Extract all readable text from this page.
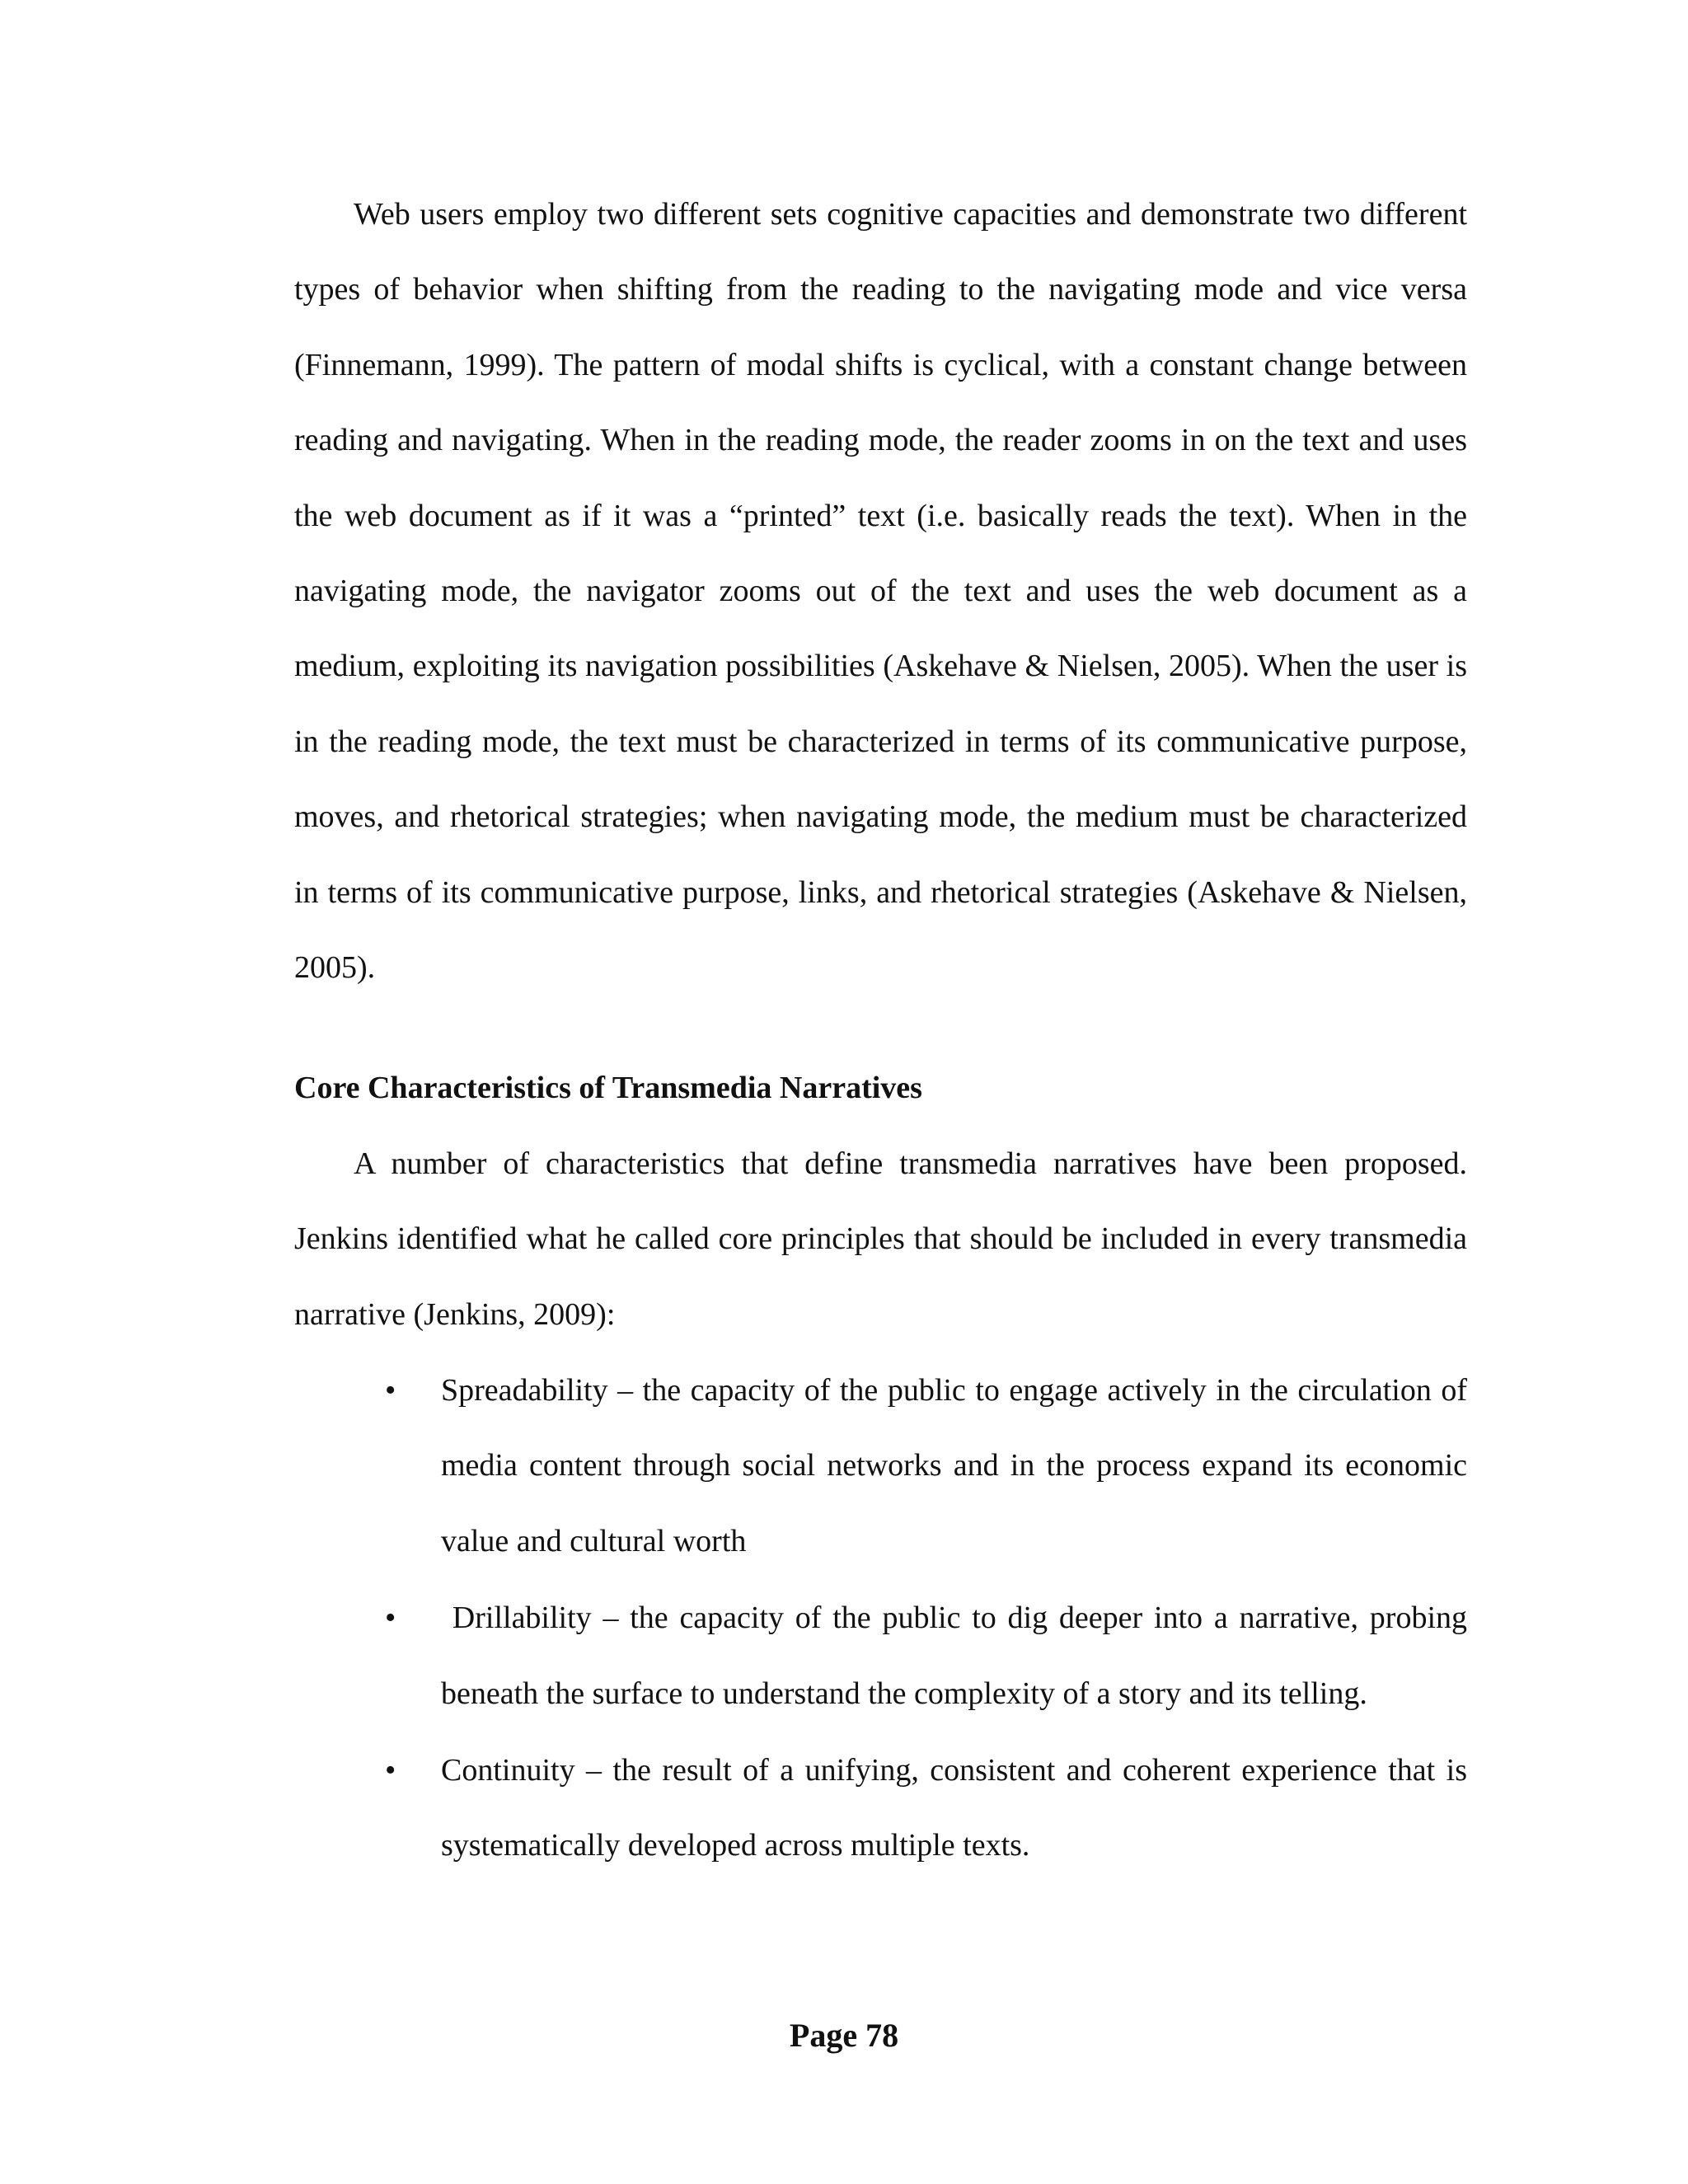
Web users employ two different sets cognitive capacities and demonstrate two different types of behavior when shifting from the reading to the navigating mode and vice versa (Finnemann, 1999). The pattern of modal shifts is cyclical, with a constant change between reading and navigating. When in the reading mode, the reader zooms in on the text and uses the web document as if it was a “printed” text (i.e. basically reads the text). When in the navigating mode, the navigator zooms out of the text and uses the web document as a medium, exploiting its navigation possibilities (Askehave & Nielsen, 2005). When the user is in the reading mode, the text must be characterized in terms of its communicative purpose, moves, and rhetorical strategies; when navigating mode, the medium must be characterized in terms of its communicative purpose, links, and rhetorical strategies (Askehave & Nielsen, 2005).

Core Characteristics of Transmedia Narratives

A number of characteristics that define transmedia narratives have been proposed. Jenkins identified what he called core principles that should be included in every transmedia narrative (Jenkins, 2009):

• Spreadability – the capacity of the public to engage actively in the circulation of media content through social networks and in the process expand its economic value and cultural worth
• Drillability – the capacity of the public to dig deeper into a narrative, probing beneath the surface to understand the complexity of a story and its telling.
• Continuity – the result of a unifying, consistent and coherent experience that is systematically developed across multiple texts.
Page 78
